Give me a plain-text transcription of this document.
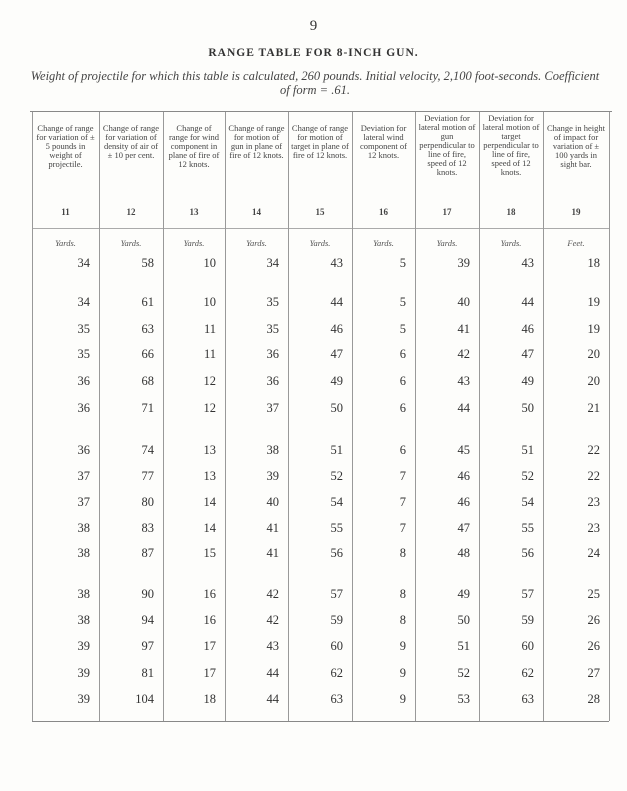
9
RANGE TABLE FOR 8-INCH GUN.
Weight of projectile for which this table is calculated, 260 pounds. Initial velocity, 2,100 foot-seconds. Coefficient of form = .61.
Change of range for variation of ± 5 pounds in weight of projectile.
11
Yards.
Change of range for variation of density of air of ± 10 per cent.
12
Yards.
Change of range for wind component in plane of fire of 12 knots.
13
Yards.
Change of range for motion of gun in plane of fire of 12 knots.
14
Yards.
Change of range for motion of target in plane of fire of 12 knots.
15
Yards.
Deviation for lateral wind component of 12 knots.
16
Yards.
Deviation for lateral motion of gun perpendicular to line of fire, speed of 12 knots.
17
Yards.
Deviation for lateral motion of target perpendicular to line of fire, speed of 12 knots.
18
Yards.
Change in height of impact for variation of ± 100 yards in sight bar.
19
Feet.
34	58	10	34	43	5	39	43	18
34	61	10	35	44	5	40	44	19
35	63	11	35	46	5	41	46	19
35	66	11	36	47	6	42	47	20
36	68	12	36	49	6	43	49	20
36	71	12	37	50	6	44	50	21
36	74	13	38	51	6	45	51	22
37	77	13	39	52	7	46	52	22
37	80	14	40	54	7	46	54	23
38	83	14	41	55	7	47	55	23
38	87	15	41	56	8	48	56	24
38	90	16	42	57	8	49	57	25
38	94	16	42	59	8	50	59	26
39	97	17	43	60	9	51	60	26
39	81	17	44	62	9	52	62	27
39	104	18	44	63	9	53	63	28
